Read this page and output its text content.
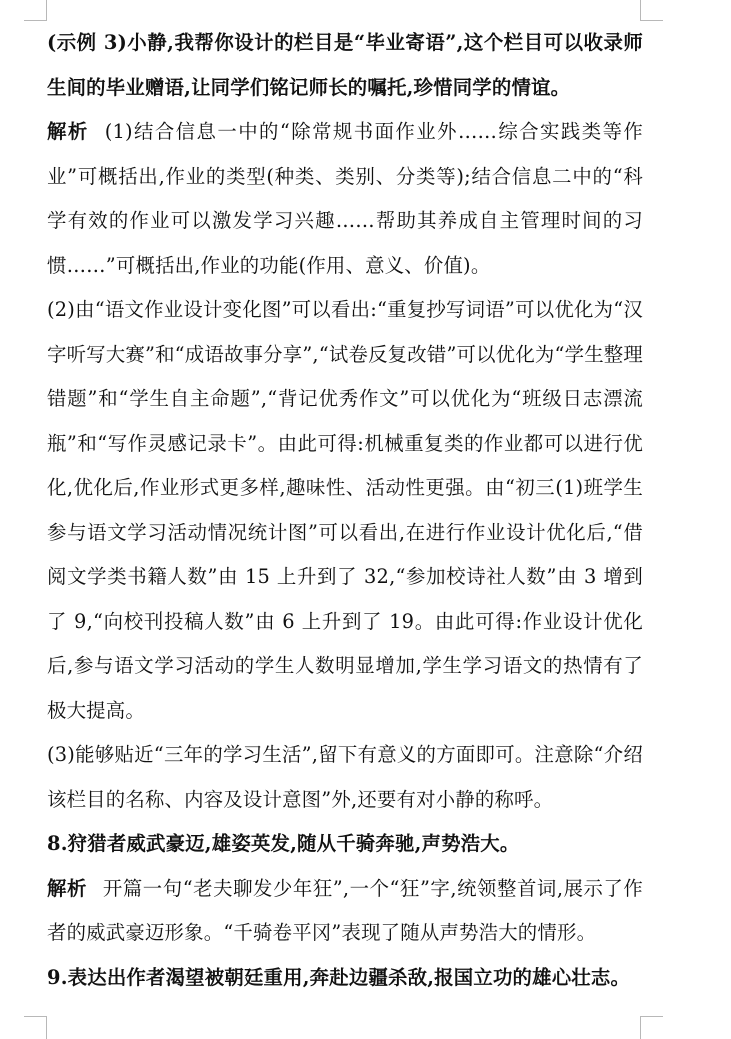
(示例 3)小静,我帮你设计的栏目是“毕业寄语”,这个栏目可以收录师生间的毕业赠语,让同学们铭记师长的嘱托,珍惜同学的情谊。

解析 (1)结合信息一中的“除常规书面作业外……综合实践类等作业”可概括出,作业的类型(种类、类别、分类等);结合信息二中的“科学有效的作业可以激发学习兴趣……帮助其养成自主管理时间的习惯……”可概括出,作业的功能(作用、意义、价值)。

(2)由“语文作业设计变化图”可以看出:“重复抄写词语”可以优化为“汉字听写大赛”和“成语故事分享”,“试卷反复改错”可以优化为“学生整理错题”和“学生自主命题”,“背记优秀作文”可以优化为“班级日志漂流瓶”和“写作灵感记录卡”。由此可得:机械重复类的作业都可以进行优化,优化后,作业形式更多样,趣味性、活动性更强。由“初三(1)班学生参与语文学习活动情况统计图”可以看出,在进行作业设计优化后,“借阅文学类书籍人数”由 15 上升到了 32,“参加校诗社人数”由 3 增到了 9,“向校刊投稿人数”由 6 上升到了 19。由此可得:作业设计优化后,参与语文学习活动的学生人数明显增加,学生学习语文的热情有了极大提高。

(3)能够贴近“三年的学习生活”,留下有意义的方面即可。注意除“介绍该栏目的名称、内容及设计意图”外,还要有对小静的称呼。

8.狩猎者威武豪迈,雄姿英发,随从千骑奔驰,声势浩大。

解析 开篇一句“老夫聊发少年狂”,一个“狂”字,统领整首词,展示了作者的威武豪迈形象。“千骑卷平冈”表现了随从声势浩大的情形。

9.表达出作者渴望被朝廷重用,奔赴边疆杀敌,报国立功的雄心壮志。
